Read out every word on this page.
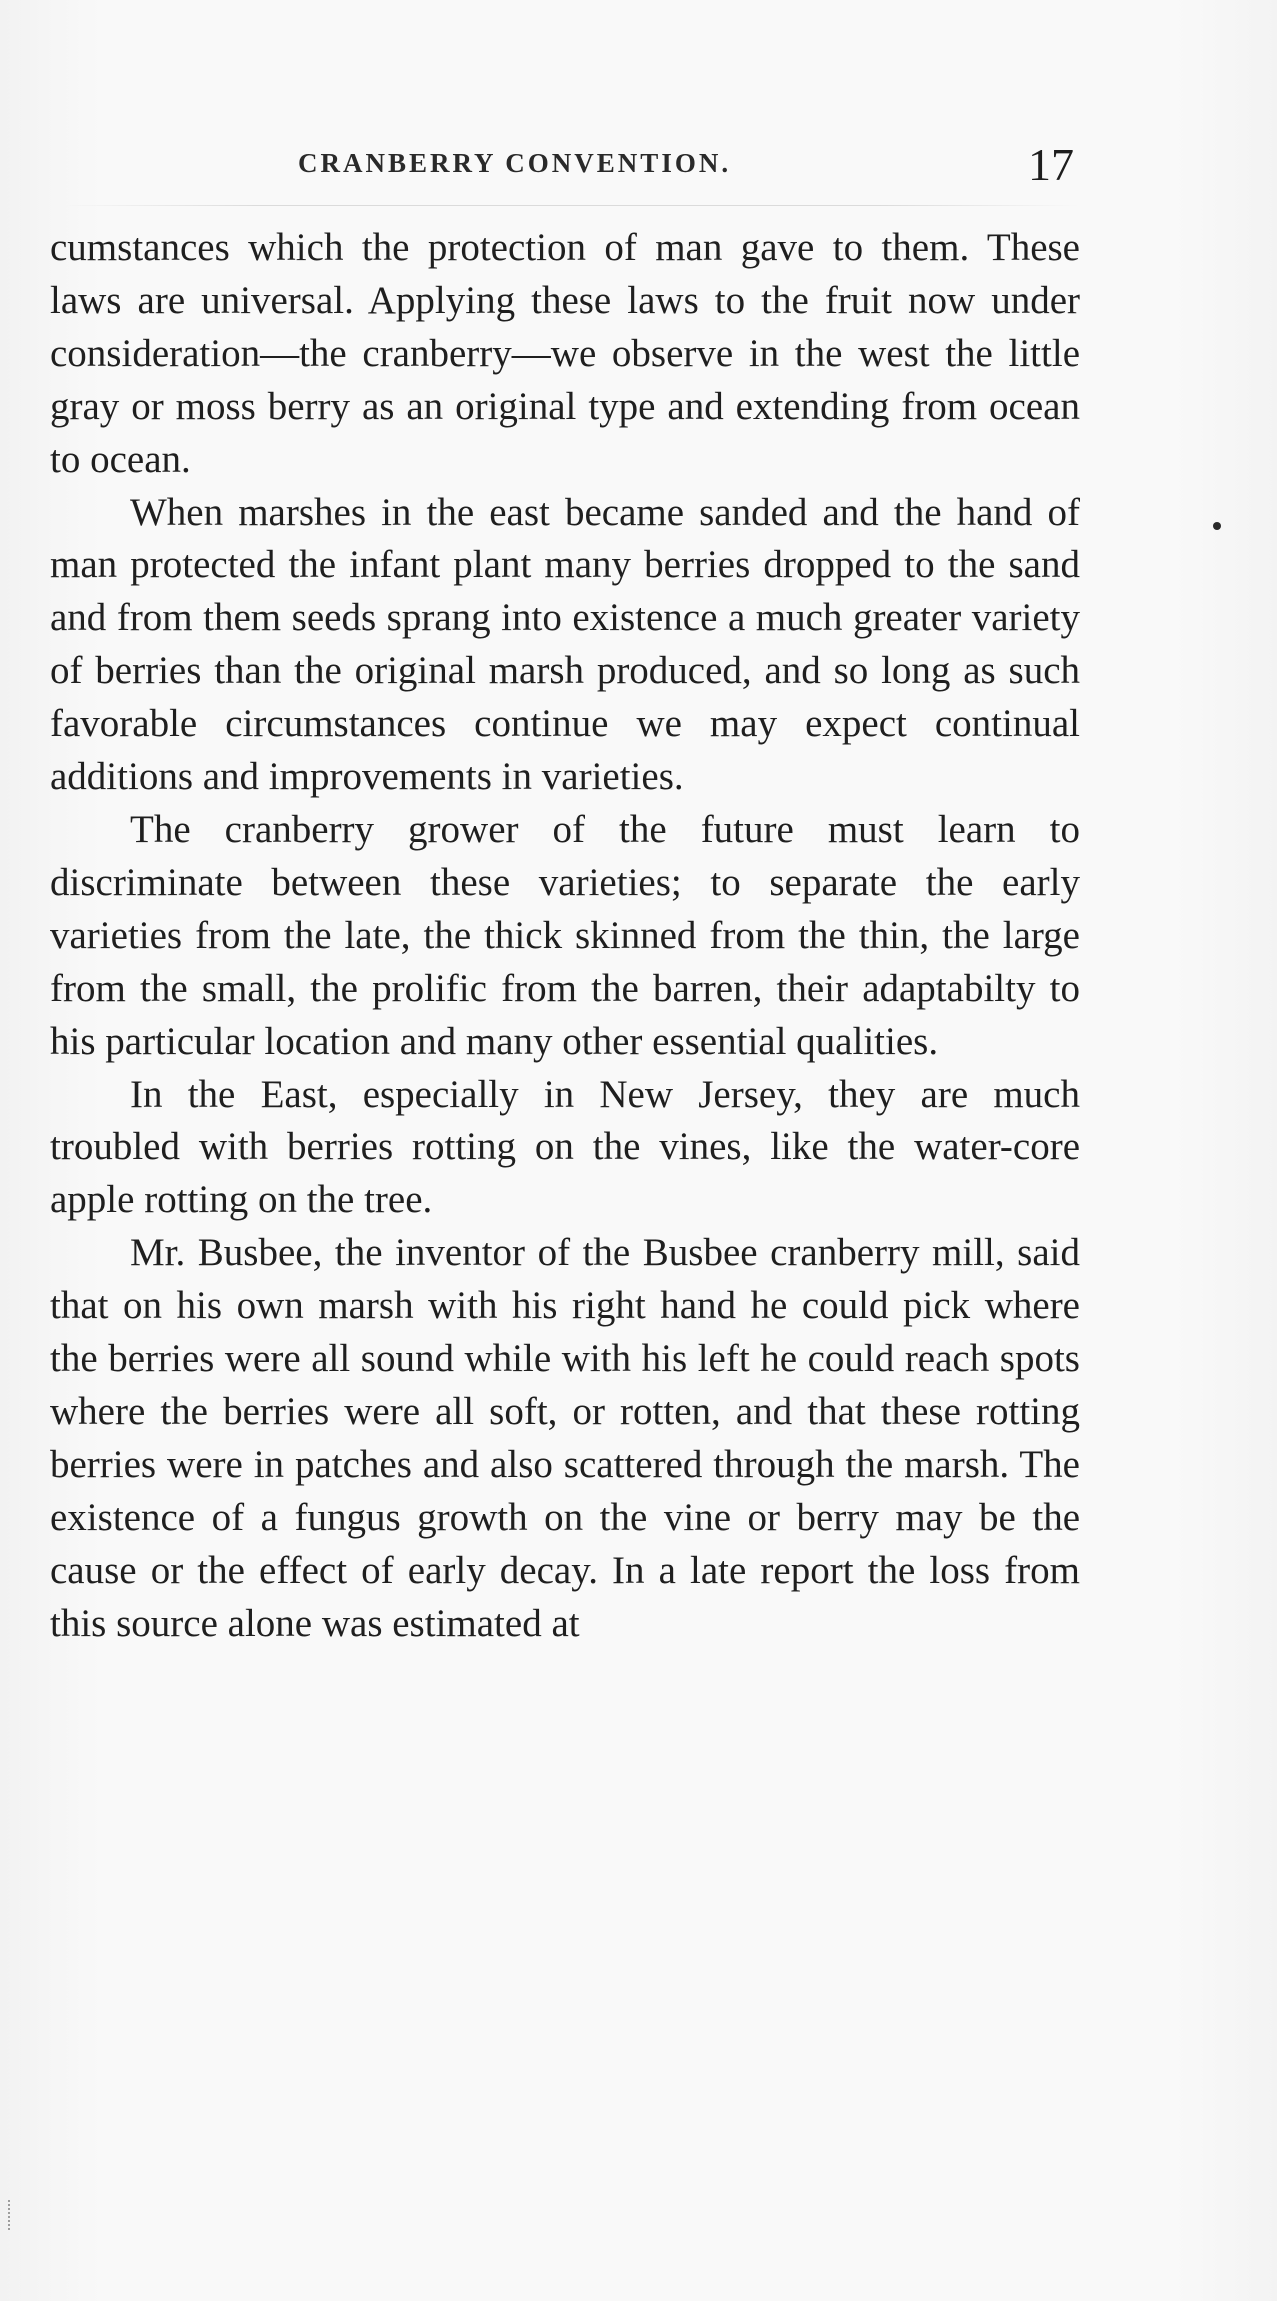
CRANBERRY CONVENTION.	17

cumstances which the protection of man gave to them. These laws are universal. Applying these laws to the fruit now under consideration—the cranberry—we observe in the west the little gray or moss berry as an original type and extending from ocean to ocean.

When marshes in the east became sanded and the hand of man protected the infant plant many berries dropped to the sand and from them seeds sprang into existence a much greater variety of berries than the original marsh produced, and so long as such favorable circumstances continue we may expect continual additions and improvements in varieties.

The cranberry grower of the future must learn to discriminate between these varieties; to separate the early varieties from the late, the thick skinned from the thin, the large from the small, the prolific from the barren, their adaptabilty to his particular location and many other essential qualities.

In the East, especially in New Jersey, they are much troubled with berries rotting on the vines, like the water-core apple rotting on the tree.

Mr. Busbee, the inventor of the Busbee cranberry mill, said that on his own marsh with his right hand he could pick where the berries were all sound while with his left he could reach spots where the berries were all soft, or rotten, and that these rotting berries were in patches and also scattered through the marsh. The existence of a fungus growth on the vine or berry may be the cause or the effect of early decay. In a late report the loss from this source alone was estimated at
